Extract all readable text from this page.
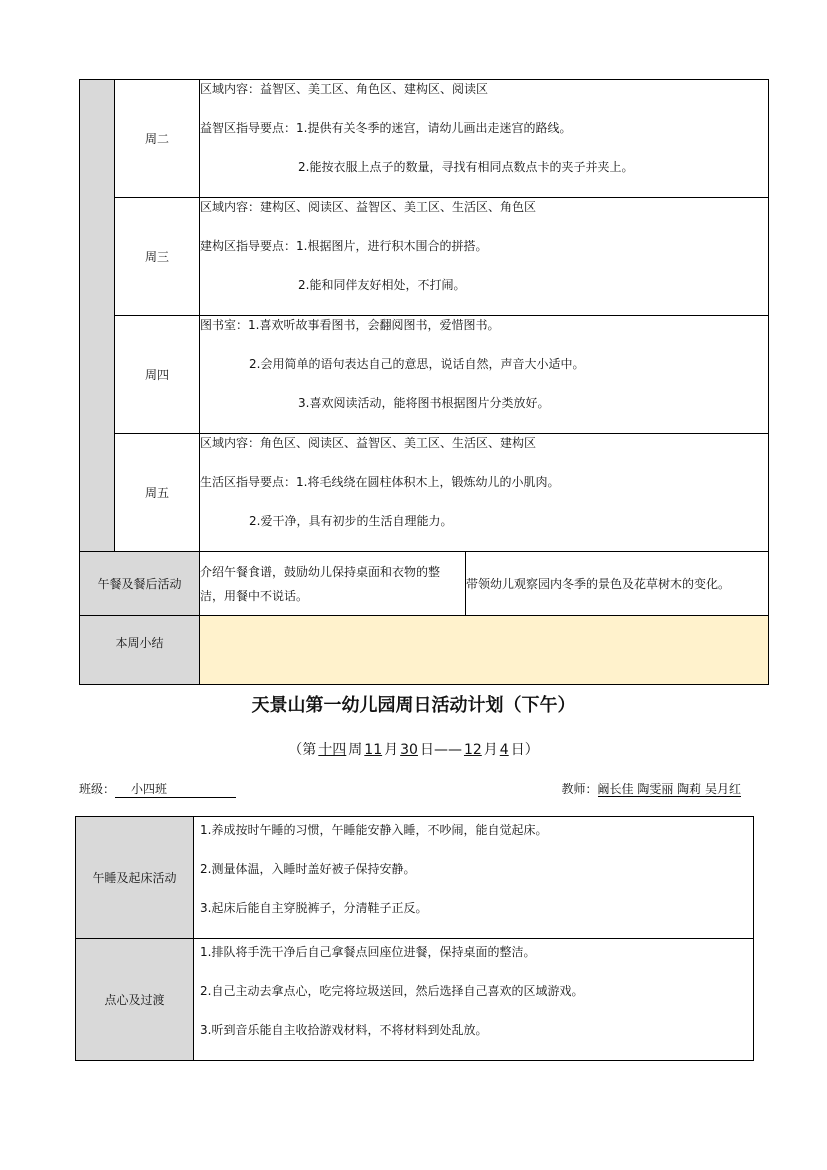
	周二	区域内容：益智区、美工区、角色区、建构区、阅读区
益智区指导要点：1.提供有关冬季的迷宫，请幼儿画出走迷宫的路线。
2.能按衣服上点子的数量，寻找有相同点数点卡的夹子并夹上。	

	周三	区域内容：建构区、阅读区、益智区、美工区、生活区、角色区
建构区指导要点：1.根据图片，进行积木围合的拼搭。
2.能和同伴友好相处，不打闹。	

	周四	图书室：1.喜欢听故事看图书，会翻阅图书，爱惜图书。
2.会用简单的语句表达自己的意思，说话自然，声音大小适中。
3.喜欢阅读活动，能将图书根据图片分类放好。	

	周五	区域内容：角色区、阅读区、益智区、美工区、生活区、建构区
生活区指导要点：1.将毛线绕在圆柱体积木上，锻炼幼儿的小肌肉。
2.爱干净，具有初步的生活自理能力。	

午餐及餐后活动		介绍午餐食谱，鼓励幼儿保持桌面和衣物的整
洁，用餐中不说话。	带领幼儿观察园内冬季的景色及花草树木的变化。
本周小结			
天景山第一幼儿园周日活动计划（下午）
（第 十四 周 11 月 30 日—— 12 月 4 日）
班级： 小四班	教师：阚长佳 陶雯丽 陶莉 吴月红
午睡及起床活动	1.养成按时午睡的习惯，午睡能安静入睡，不吵闹，能自觉起床。
2.测量体温，入睡时盖好被子保持安静。
3.起床后能自主穿脱裤子，分清鞋子正反。

点心及过渡	1.排队将手洗干净后自己拿餐点回座位进餐，保持桌面的整洁。
2.自己主动去拿点心，吃完将垃圾送回，然后选择自己喜欢的区域游戏。
3.听到音乐能自主收拾游戏材料，不将材料到处乱放。
